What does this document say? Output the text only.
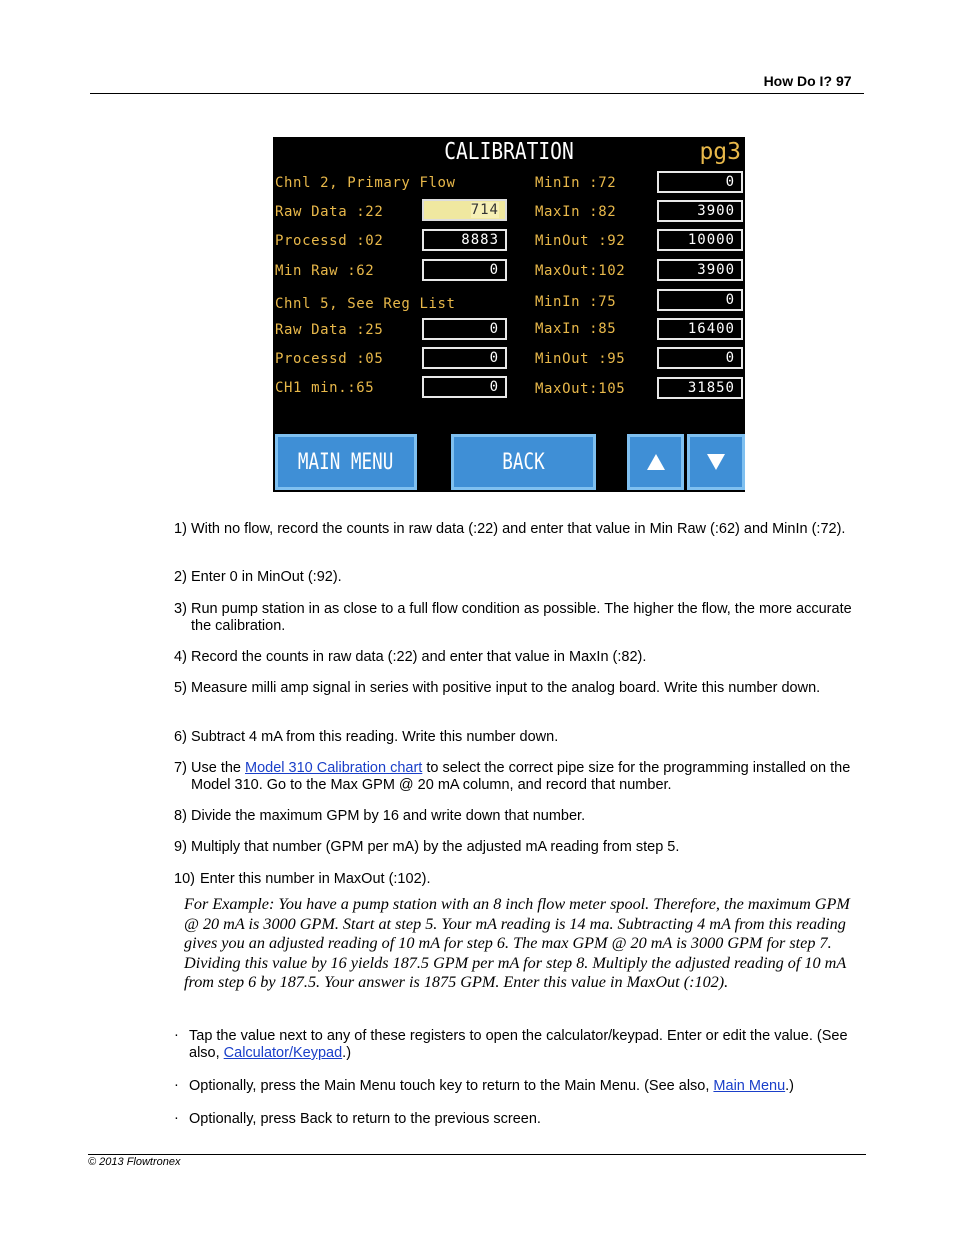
How Do I? 97
CALIBRATION	pg3
Chnl 2, Primary Flow
Raw Data :22	714
Processd :02	8883
Min Raw :62	0
Chnl 5, See Reg List
Raw Data :25	0
Processd :05	0
CH1 min.:65	0
MinIn :72	0
MaxIn :82	3900
MinOut :92	10000
MaxOut:102	3900
MinIn :75	0
MaxIn :85	16400
MinOut :95	0
MaxOut:105	31850
MAIN MENU	BACK
1) With no flow, record the counts in raw data (:22) and enter that value in Min Raw (:62) and MinIn (:72).
2) Enter 0 in MinOut (:92).
3) Run pump station in as close to a full flow condition as possible. The higher the flow, the more accurate the calibration.
4) Record the counts in raw data (:22) and enter that value in MaxIn (:82).
5) Measure milli amp signal in series with positive input to the analog board. Write this number down.
6) Subtract 4 mA from this reading. Write this number down.
7) Use the Model 310 Calibration chart to select the correct pipe size for the programming installed on the Model 310. Go to the Max GPM @ 20 mA column, and record that number.
8) Divide the maximum GPM by 16 and write down that number.
9) Multiply that number (GPM per mA) by the adjusted mA reading from step 5.
10) Enter this number in MaxOut (:102).
For Example: You have a pump station with an 8 inch flow meter spool. Therefore, the maximum GPM @ 20 mA is 3000 GPM. Start at step 5. Your mA reading is 14 ma. Subtracting 4 mA from this reading gives you an adjusted reading of 10 mA for step 6. The max GPM @ 20 mA is 3000 GPM for step 7. Dividing this value by 16 yields 187.5 GPM per mA for step 8. Multiply the adjusted reading of 10 mA from step 6 by 187.5. Your answer is 1875 GPM. Enter this value in MaxOut (:102).
· Tap the value next to any of these registers to open the calculator/keypad. Enter or edit the value. (See also, Calculator/Keypad.)
· Optionally, press the Main Menu touch key to return to the Main Menu. (See also, Main Menu.)
· Optionally, press Back to return to the previous screen.
© 2013 Flowtronex
